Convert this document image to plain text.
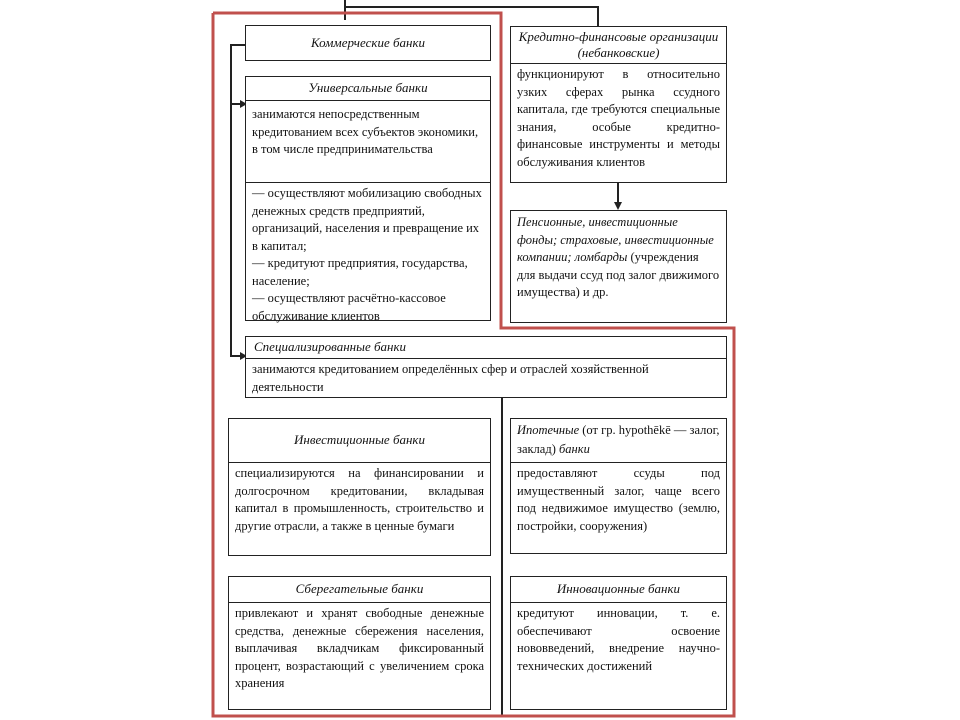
Коммерческие банки
Универсальные банки
занимаются непосредственным кредитованием всех субъектов экономики, в том числе предпринимательства
— осуществляют мобилизацию свободных денежных средств предприятий, организаций, населения и превращение их в капитал;
— кредитуют предприятия, государства, население;
— осуществляют расчётно-кассовое обслуживание клиентов
Кредитно-финансовые организации (небанковские)
функционируют в относительно узких сферах рынка ссудного капитала, где требуются специальные знания, особые кредитно-финансовые инструменты и методы обслуживания клиентов
Пенсионные, инвестиционные фонды; страховые, инвестиционные компании; ломбарды (учреждения для выдачи ссуд под залог движимого имущества) и др.
Специализированные банки
занимаются кредитованием определённых сфер и отраслей хозяйственной деятельности
Инвестиционные банки
специализируются на финансировании и долгосрочном кредитовании, вкладывая капитал в промышленность, строительство и другие отрасли, а также в ценные бумаги
Ипотечные (от гр. hypothēkē — залог, заклад) банки
предоставляют ссуды под имущественный залог, чаще всего под недвижимое имущество (землю, постройки, сооружения)
Сберегательные банки
привлекают и хранят свободные денежные средства, денежные сбережения населения, выплачивая вкладчикам фиксированный процент, возрастающий с увеличением срока хранения
Инновационные банки
кредитуют инновации, т. е. обеспечивают освоение нововведений, внедрение научно-технических достижений
